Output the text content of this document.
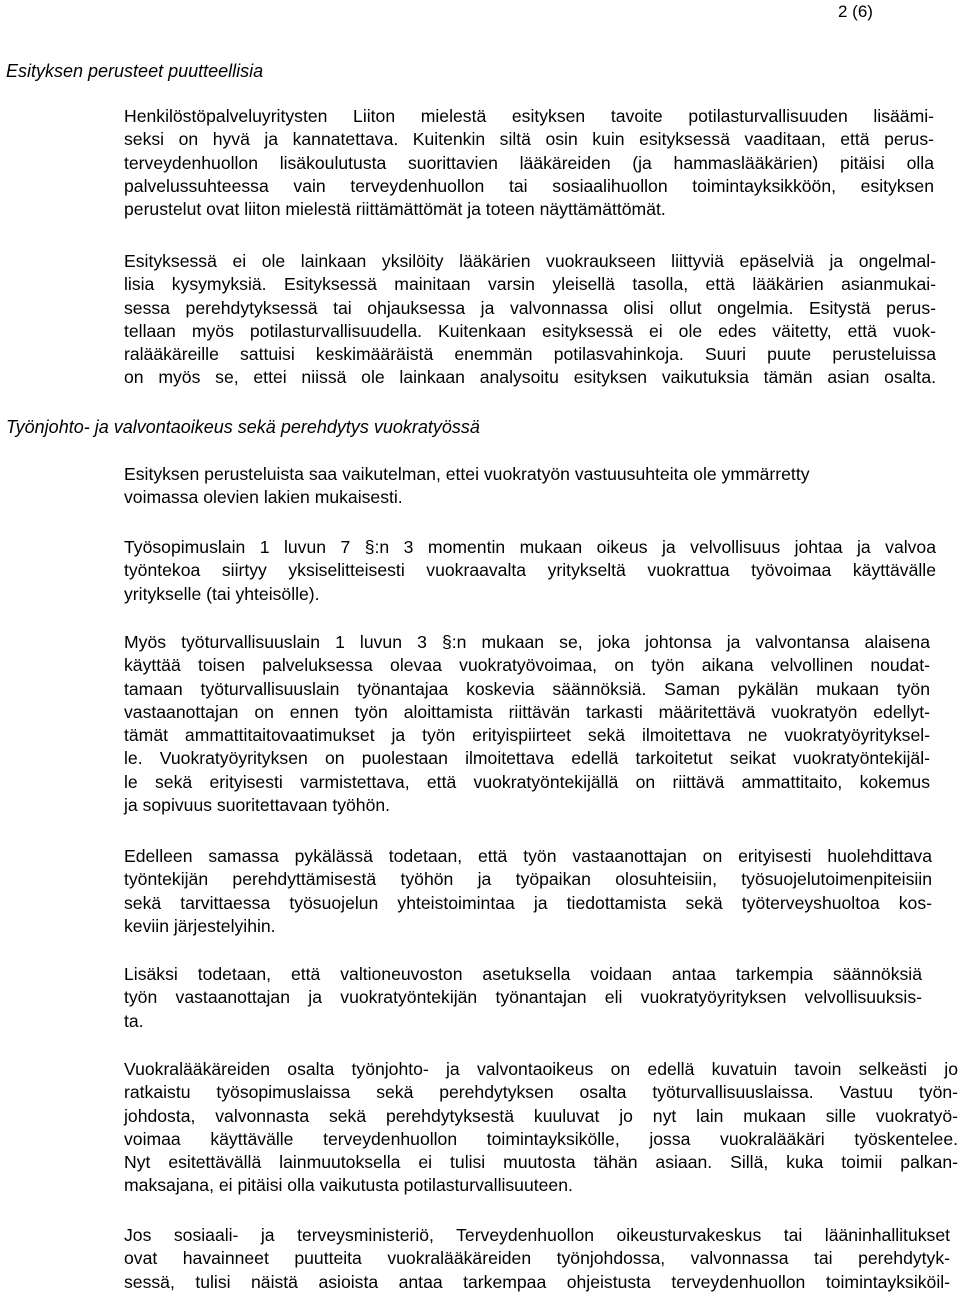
2 (6)
Esityksen perusteet puutteellisia
Henkilöstöpalveluyritysten Liiton mielestä esityksen tavoite potilasturvallisuuden lisäämi-
seksi on hyvä ja kannatettava. Kuitenkin siltä osin kuin esityksessä vaaditaan, että perus-
terveydenhuollon lisäkoulutusta suorittavien lääkäreiden (ja hammaslääkärien) pitäisi olla
palvelussuhteessa vain terveydenhuollon tai sosiaalihuollon toimintayksikköön, esityksen
perustelut ovat liiton mielestä riittämättömät ja toteen näyttämättömät.
Esityksessä ei ole lainkaan yksilöity lääkärien vuokraukseen liittyviä epäselviä ja ongelmal-
lisia kysymyksiä. Esityksessä mainitaan varsin yleisellä tasolla, että lääkärien asianmukai-
sessa perehdytyksessä tai ohjauksessa ja valvonnassa olisi ollut ongelmia. Esitystä perus-
tellaan myös potilasturvallisuudella. Kuitenkaan esityksessä ei ole edes väitetty, että vuok-
ralääkäreille sattuisi keskimääräistä enemmän potilasvahinkoja. Suuri puute perusteluissa
on myös se, ettei niissä ole lainkaan analysoitu esityksen vaikutuksia tämän asian osalta.
Työnjohto- ja valvontaoikeus sekä perehdytys vuokratyössä
Esityksen perusteluista saa vaikutelman, ettei vuokratyön vastuusuhteita ole ymmärretty
voimassa olevien lakien mukaisesti.
Työsopimuslain 1 luvun 7 §:n 3 momentin mukaan oikeus ja velvollisuus johtaa ja valvoa
työntekoa siirtyy yksiselitteisesti vuokraavalta yritykseltä vuokrattua työvoimaa käyttävälle
yritykselle (tai yhteisölle).
Myös työturvallisuuslain 1 luvun 3 §:n mukaan se, joka johtonsa ja valvontansa alaisena
käyttää toisen palveluksessa olevaa vuokratyövoimaa, on työn aikana velvollinen noudat-
tamaan työturvallisuuslain työnantajaa koskevia säännöksiä. Saman pykälän mukaan työn
vastaanottajan on ennen työn aloittamista riittävän tarkasti määritettävä vuokratyön edellyt-
tämät ammattitaitovaatimukset ja työn erityispiirteet sekä ilmoitettava ne vuokratyöyrityksel-
le. Vuokratyöyrityksen on puolestaan ilmoitettava edellä tarkoitetut seikat vuokratyöntekijäl-
le sekä erityisesti varmistettava, että vuokratyöntekijällä on riittävä ammattitaito, kokemus
ja sopivuus suoritettavaan työhön.
Edelleen samassa pykälässä todetaan, että työn vastaanottajan on erityisesti huolehdittava
työntekijän perehdyttämisestä työhön ja työpaikan olosuhteisiin, työsuojelutoimenpiteisiin
sekä tarvittaessa työsuojelun yhteistoimintaa ja tiedottamista sekä työterveyshuoltoa kos-
keviin järjestelyihin.
Lisäksi todetaan, että valtioneuvoston asetuksella voidaan antaa tarkempia säännöksiä
työn vastaanottajan ja vuokratyöntekijän työnantajan eli vuokratyöyrityksen velvollisuuksis-
ta.
Vuokralääkäreiden osalta työnjohto- ja valvontaoikeus on edellä kuvatuin tavoin selkeästi jo
ratkaistu työsopimuslaissa sekä perehdytyksen osalta työturvallisuuslaissa. Vastuu työn-
johdosta, valvonnasta sekä perehdytyksestä kuuluvat jo nyt lain mukaan sille vuokratyö-
voimaa käyttävälle terveydenhuollon toimintayksikölle, jossa vuokralääkäri työskentelee.
Nyt esitettävällä lainmuutoksella ei tulisi muutosta tähän asiaan. Sillä, kuka toimii palkan-
maksajana, ei pitäisi olla vaikutusta potilasturvallisuuteen.
Jos sosiaali- ja terveysministeriö, Terveydenhuollon oikeusturvakeskus tai lääninhallitukset
ovat havainneet puutteita vuokralääkäreiden työnjohdossa, valvonnassa tai perehdytyk-
sessä, tulisi näistä asioista antaa tarkempaa ohjeistusta terveydenhuollon toimintayksiköil-
